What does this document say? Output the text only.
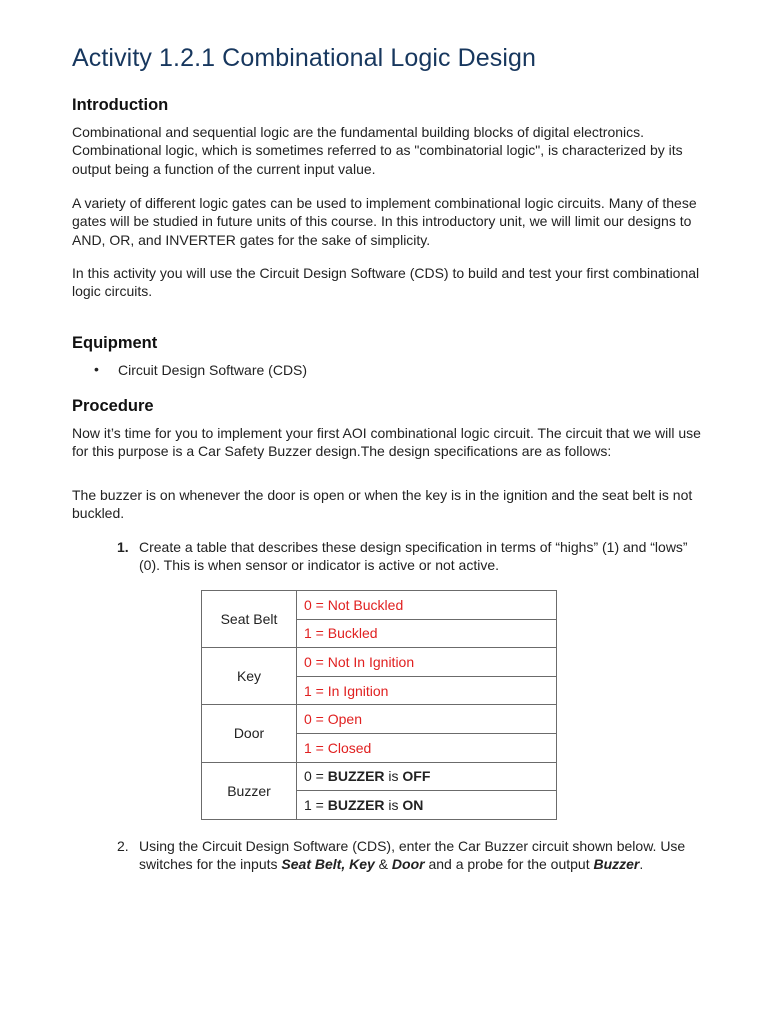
Activity 1.2.1 Combinational Logic Design
Introduction

Combinational and sequential logic are the fundamental building blocks of digital electronics. Combinational logic, which is sometimes referred to as "combinatorial logic", is characterized by its output being a function of the current input value.

A variety of different logic gates can be used to implement combinational logic circuits. Many of these gates will be studied in future units of this course. In this introductory unit, we will limit our designs to AND, OR, and INVERTER gates for the sake of simplicity.

In this activity you will use the Circuit Design Software (CDS) to build and test your first combinational logic circuits.

Equipment
• Circuit Design Software (CDS)
Procedure

Now it’s time for you to implement your first AOI combinational logic circuit. The circuit that we will use for this purpose is a Car Safety Buzzer design.The design specifications are as follows:

The buzzer is on whenever the door is open or when the key is in the ignition and the seat belt is not buckled.

1. Create a table that describes these design specification in terms of “highs” (1) and “lows” (0). This is when sensor or indicator is active or not active.
2. Using the Circuit Design Software (CDS), enter the Car Buzzer circuit shown below. Use switches for the inputs Seat Belt, Key & Door and a probe for the output Buzzer.
Seat Belt	0 = Not Buckled
	1 = Buckled
Key	0 = Not In Ignition
	1 = In Ignition
Door	0 = Open
	1 = Closed
Buzzer	0 = BUZZER is OFF
	1 = BUZZER is ON
